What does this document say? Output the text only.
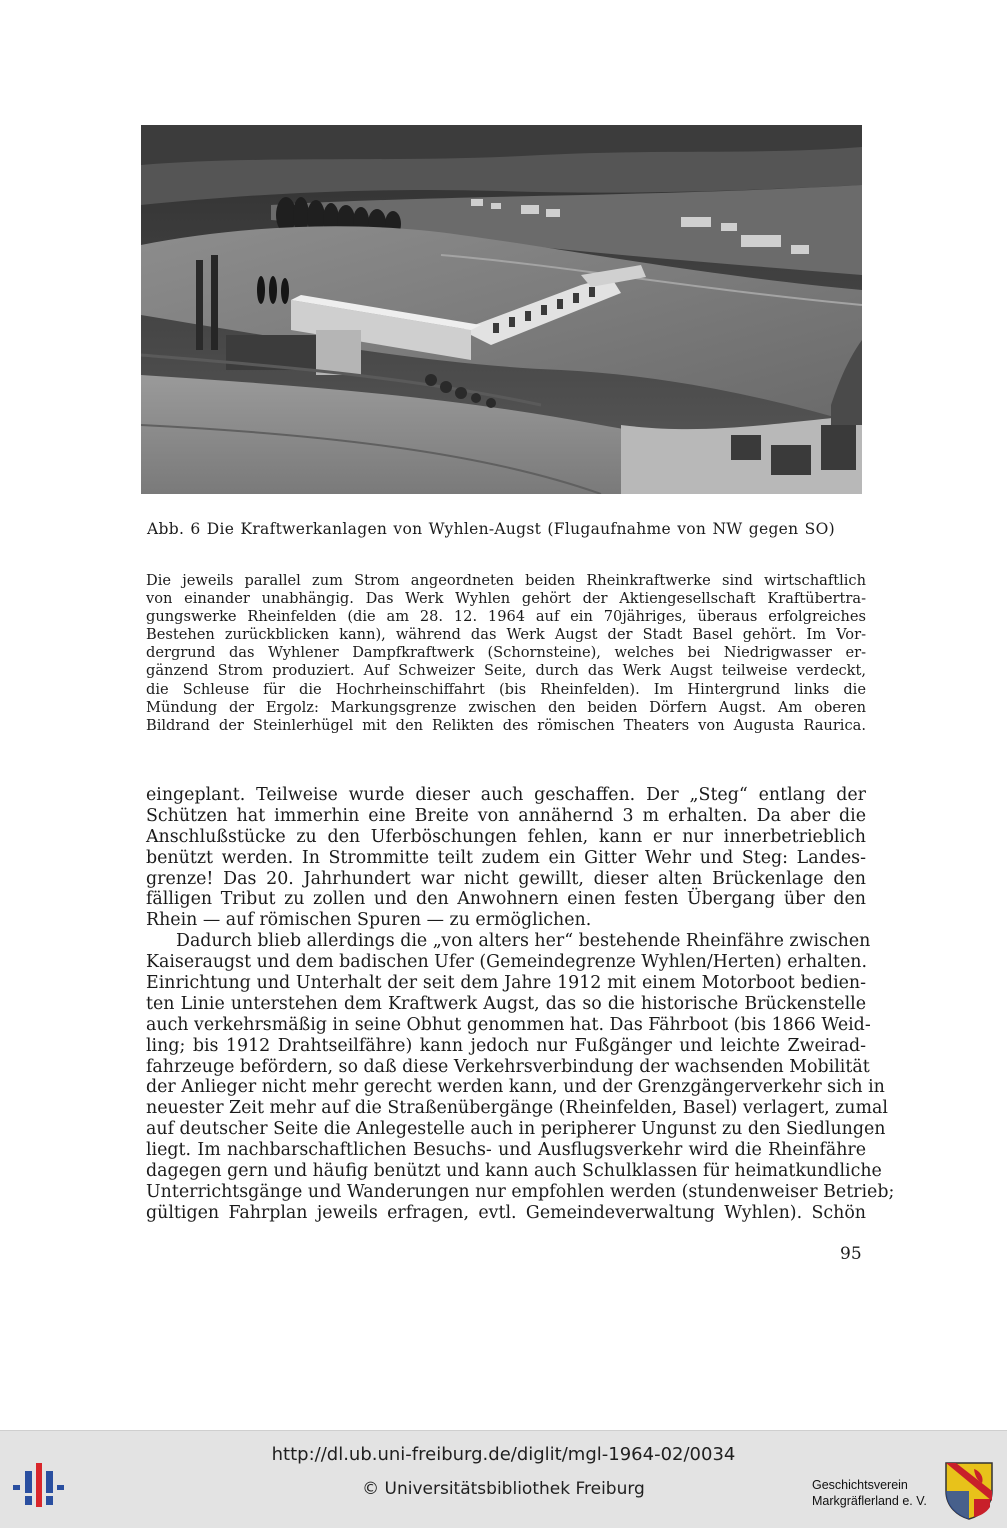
Abb. 6 Die Kraftwerkanlagen von Wyhlen-Augst (Flugaufnahme von NW gegen SO)
Die jeweils parallel zum Strom angeordneten beiden Rheinkraftwerke sind wirtschaftlich
von einander unabhängig. Das Werk Wyhlen gehört der Aktiengesellschaft Kraftübertra-
gungswerke Rheinfelden (die am 28. 12. 1964 auf ein 70jähriges, überaus erfolgreiches
Bestehen zurückblicken kann), während das Werk Augst der Stadt Basel gehört. Im Vor-
dergrund das Wyhlener Dampfkraftwerk (Schornsteine), welches bei Niedrigwasser er-
gänzend Strom produziert. Auf Schweizer Seite, durch das Werk Augst teilweise verdeckt,
die Schleuse für die Hochrheinschiffahrt (bis Rheinfelden). Im Hintergrund links die
Mündung der Ergolz: Markungsgrenze zwischen den beiden Dörfern Augst. Am oberen
Bildrand der Steinlerhügel mit den Relikten des römischen Theaters von Augusta Raurica.
eingeplant. Teilweise wurde dieser auch geschaffen. Der „Steg“ entlang der
Schützen hat immerhin eine Breite von annähernd 3 m erhalten. Da aber die
Anschlußstücke zu den Uferböschungen fehlen, kann er nur innerbetrieblich
benützt werden. In Strommitte teilt zudem ein Gitter Wehr und Steg: Landes-
grenze! Das 20. Jahrhundert war nicht gewillt, dieser alten Brückenlage den
fälligen Tribut zu zollen und den Anwohnern einen festen Übergang über den
Rhein — auf römischen Spuren — zu ermöglichen.
Dadurch blieb allerdings die „von alters her“ bestehende Rheinfähre zwischen
Kaiseraugst und dem badischen Ufer (Gemeindegrenze Wyhlen/Herten) erhalten.
Einrichtung und Unterhalt der seit dem Jahre 1912 mit einem Motorboot bedien-
ten Linie unterstehen dem Kraftwerk Augst, das so die historische Brückenstelle
auch verkehrsmäßig in seine Obhut genommen hat. Das Fährboot (bis 1866 Weid-
ling; bis 1912 Drahtseilfähre) kann jedoch nur Fußgänger und leichte Zweirad-
fahrzeuge befördern, so daß diese Verkehrsverbindung der wachsenden Mobilität
der Anlieger nicht mehr gerecht werden kann, und der Grenzgängerverkehr sich in
neuester Zeit mehr auf die Straßenübergänge (Rheinfelden, Basel) verlagert, zumal
auf deutscher Seite die Anlegestelle auch in peripherer Ungunst zu den Siedlungen
liegt. Im nachbarschaftlichen Besuchs- und Ausflugsverkehr wird die Rheinfähre
dagegen gern und häufig benützt und kann auch Schulklassen für heimatkundliche
Unterrichtsgänge und Wanderungen nur empfohlen werden (stundenweiser Betrieb;
gültigen Fahrplan jeweils erfragen, evtl. Gemeindeverwaltung Wyhlen). Schön
95
http://dl.ub.uni-freiburg.de/diglit/mgl-1964-02/0034
© Universitätsbibliothek Freiburg	Geschichtsverein
Markgräflerland e. V.
